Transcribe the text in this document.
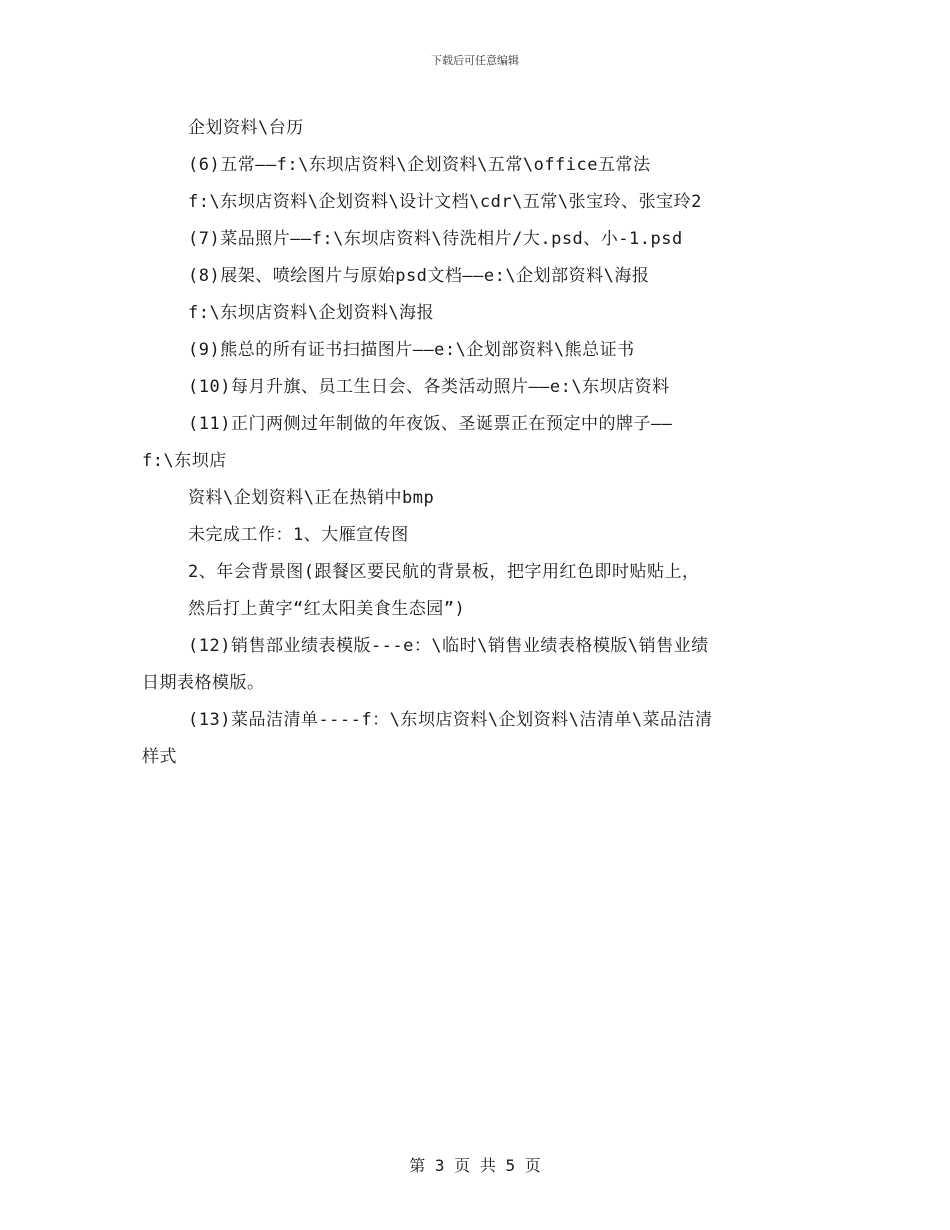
下载后可任意编辑
企划资料\台历
(6)五常——f:\东坝店资料\企划资料\五常\office五常法
f:\东坝店资料\企划资料\设计文档\cdr\五常\张宝玲、张宝玲2
(7)菜品照片——f:\东坝店资料\待洗相片/大.psd、小-1.psd
(8)展架、喷绘图片与原始psd文档——e:\企划部资料\海报
f:\东坝店资料\企划资料\海报
(9)熊总的所有证书扫描图片——e:\企划部资料\熊总证书
(10)每月升旗、员工生日会、各类活动照片——e:\东坝店资料
(11)正门两侧过年制做的年夜饭、圣诞票正在预定中的牌子——
f:\东坝店
资料\企划资料\正在热销中bmp
未完成工作：1、大雁宣传图
2、年会背景图(跟餐区要民航的背景板，把字用红色即时贴贴上，
然后打上黄字“红太阳美食生态园”)
(12)销售部业绩表模版---e：\临时\销售业绩表格模版\销售业绩
日期表格模版。
(13)菜品洁清单----f：\东坝店资料\企划资料\洁清单\菜品洁清
样式
第 3 页 共 5 页
